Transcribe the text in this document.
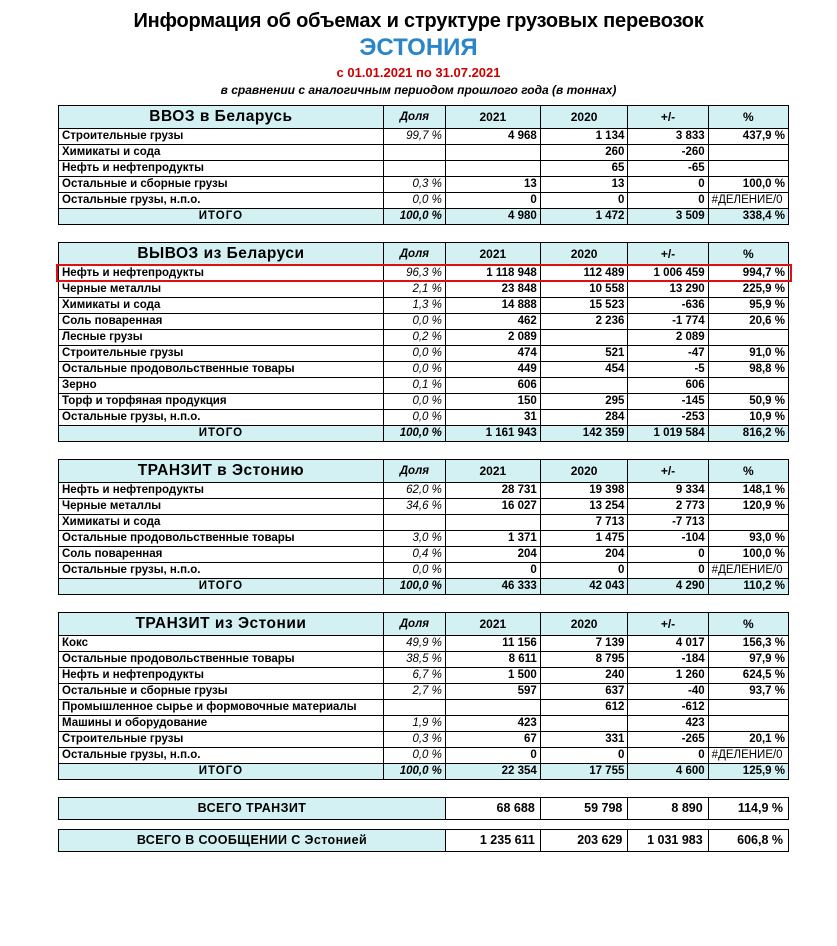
Информация об объемах и структуре грузовых перевозок
ЭСТОНИЯ
с 01.01.2021 по 31.07.2021
в сравнении с аналогичным периодом прошлого года (в тоннах)
ВВОЗ в Беларусь	Доля	2021	2020	+/-	%
Строительные грузы	99,7 %	4 968	1 134	3 833	437,9 %
Химикаты и сода			260	-260	
Нефть и нефтепродукты			65	-65	
Остальные и сборные грузы	0,3 %	13	13	0	100,0 %
Остальные грузы, н.п.о.	0,0 %	0	0	0	#ДЕЛЕНИЕ/0
ИТОГО	100,0 %	4 980	1 472	3 509	338,4 %
ВЫВОЗ из Беларуси	Доля	2021	2020	+/-	%
Нефть и нефтепродукты	96,3 %	1 118 948	112 489	1 006 459	994,7 %
Черные металлы	2,1 %	23 848	10 558	13 290	225,9 %
Химикаты и сода	1,3 %	14 888	15 523	-636	95,9 %
Соль поваренная	0,0 %	462	2 236	-1 774	20,6 %
Лесные грузы	0,2 %	2 089		2 089	
Строительные грузы	0,0 %	474	521	-47	91,0 %
Остальные продовольственные товары	0,0 %	449	454	-5	98,8 %
Зерно	0,1 %	606		606	
Торф и торфяная продукция	0,0 %	150	295	-145	50,9 %
Остальные грузы, н.п.о.	0,0 %	31	284	-253	10,9 %
ИТОГО	100,0 %	1 161 943	142 359	1 019 584	816,2 %
ТРАНЗИТ в Эстонию	Доля	2021	2020	+/-	%
Нефть и нефтепродукты	62,0 %	28 731	19 398	9 334	148,1 %
Черные металлы	34,6 %	16 027	13 254	2 773	120,9 %
Химикаты и сода			7 713	-7 713	
Остальные продовольственные товары	3,0 %	1 371	1 475	-104	93,0 %
Соль поваренная	0,4 %	204	204	0	100,0 %
Остальные грузы, н.п.о.	0,0 %	0	0	0	#ДЕЛЕНИЕ/0
ИТОГО	100,0 %	46 333	42 043	4 290	110,2 %
ТРАНЗИТ из Эстонии	Доля	2021	2020	+/-	%
Кокс	49,9 %	11 156	7 139	4 017	156,3 %
Остальные продовольственные товары	38,5 %	8 611	8 795	-184	97,9 %
Нефть и нефтепродукты	6,7 %	1 500	240	1 260	624,5 %
Остальные и сборные грузы	2,7 %	597	637	-40	93,7 %
Промышленное сырье и формовочные материалы			612	-612	
Машины и оборудование	1,9 %	423		423	
Строительные грузы	0,3 %	67	331	-265	20,1 %
Остальные грузы, н.п.о.	0,0 %	0	0	0	#ДЕЛЕНИЕ/0
ИТОГО	100,0 %	22 354	17 755	4 600	125,9 %
ВСЕГО ТРАНЗИТ	68 688	59 798	8 890	114,9 %
ВСЕГО В СООБЩЕНИИ С Эстонией	1 235 611	203 629	1 031 983	606,8 %
